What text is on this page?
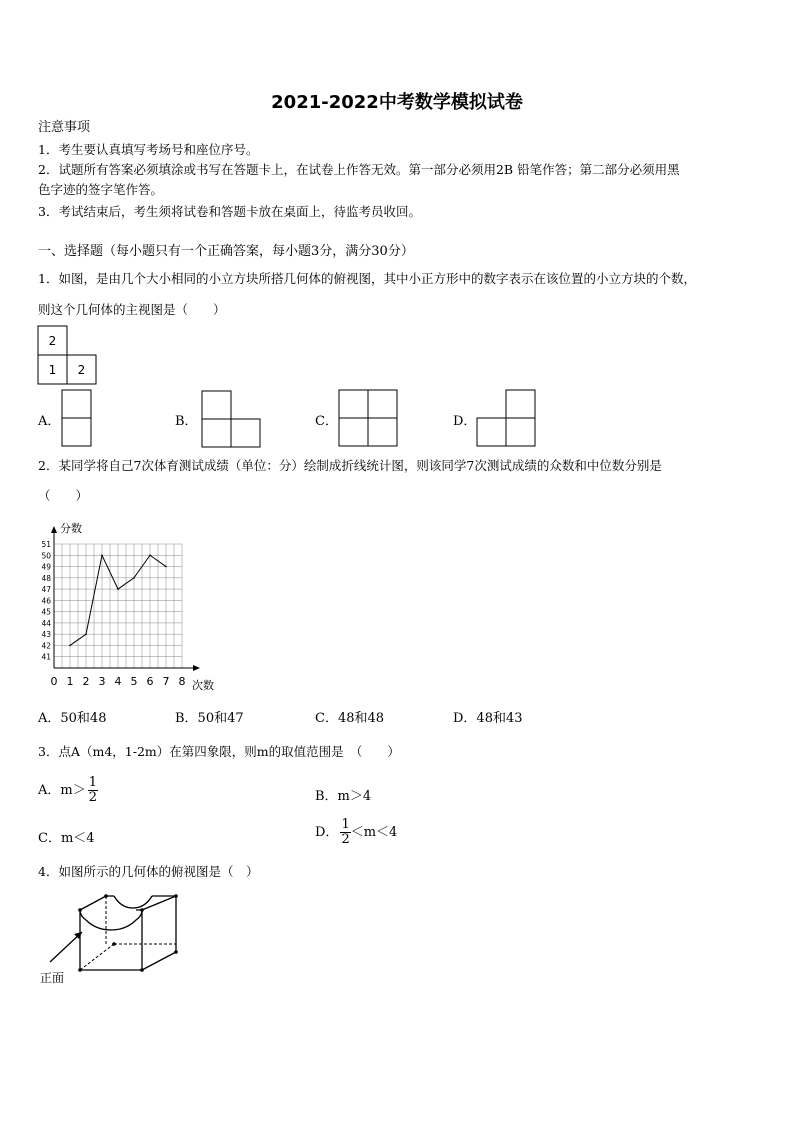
2021-2022中考数学模拟试卷
注意事项
1．考生要认真填写考场号和座位序号。
2．试题所有答案必须填涂或书写在答题卡上，在试卷上作答无效。第一部分必须用2B 铅笔作答；第二部分必须用黑
色字迹的签字笔作答。
3．考试结束后，考生须将试卷和答题卡放在桌面上，待监考员收回。
一、选择题（每小题只有一个正确答案，每小题3分，满分30分）
1．如图，是由几个大小相同的小立方块所搭几何体的俯视图，其中小正方形中的数字表示在该位置的小立方块的个数，
则这个几何体的主视图是（　　）
2
1 2
A．	B．	C．	D．
2．某同学将自己7次体育测试成绩（单位：分）绘制成折线统计图，则该同学7次测试成绩的众数和中位数分别是
（　　）
0 1 2 3 4 5 6 7 8
41
42
43
44
45
46
47
48
49
50
51
分数
次数
A．50和48	B．50和47	C．48和48	D．48和43
3．点A（m4，1-2m）在第四象限，则m的取值范围是　（　　）
A．$m> \frac{1}{2}$	B．m＞4
C．m＜4	D． $\frac{1}{2} <m<4$
4．如图所示的几何体的俯视图是（　）
正面
